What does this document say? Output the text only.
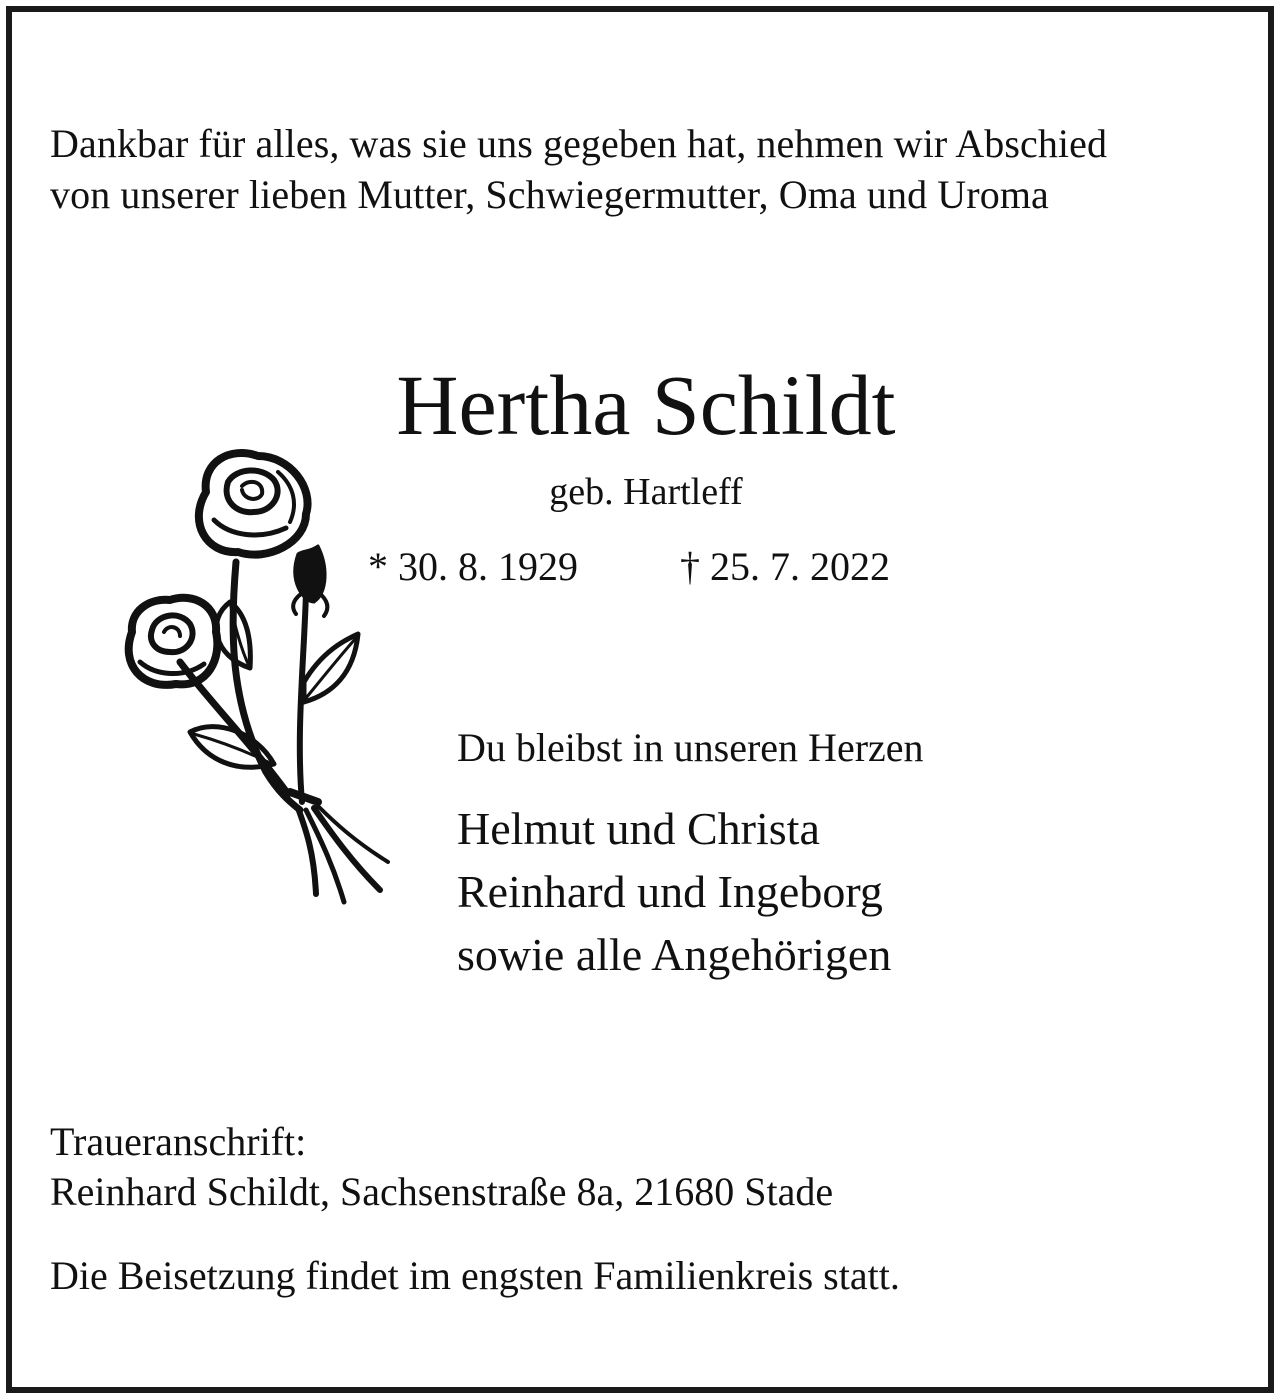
Dankbar für alles, was sie uns gegeben hat, nehmen wir Abschied
von unserer lieben Mutter, Schwiegermutter, Oma und Uroma
Hertha Schildt
geb. Hartleff
* 30. 8. 1929	† 25. 7. 2022
Du bleibst in unseren Herzen
Helmut und Christa
Reinhard und Ingeborg
sowie alle Angehörigen
Traueranschrift:
Reinhard Schildt, Sachsenstraße 8a, 21680 Stade
Die Beisetzung findet im engsten Familienkreis statt.
